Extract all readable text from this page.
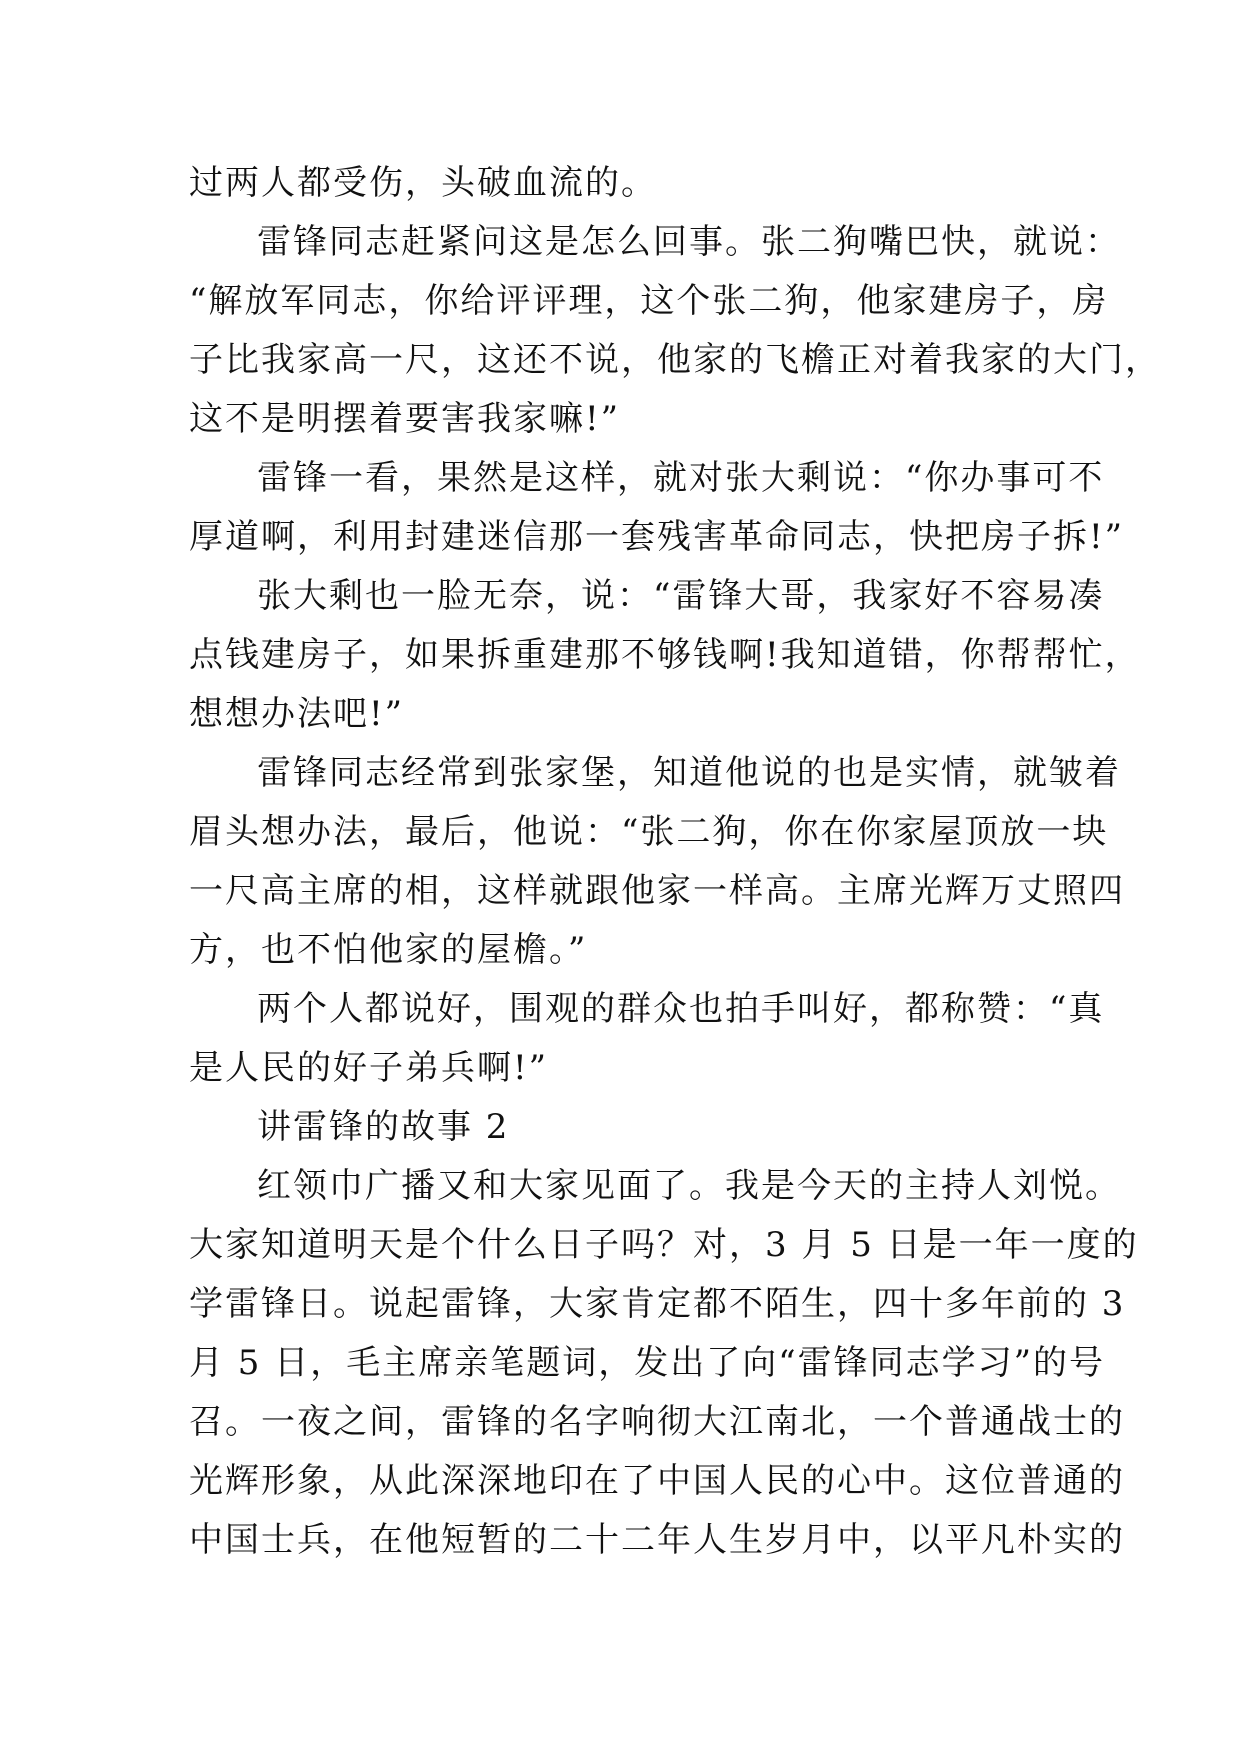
过两人都受伤，头破血流的。
雷锋同志赶紧问这是怎么回事。张二狗嘴巴快，就说：
“解放军同志，你给评评理，这个张二狗，他家建房子，房
子比我家高一尺，这还不说，他家的飞檐正对着我家的大门，
这不是明摆着要害我家嘛!”
雷锋一看，果然是这样，就对张大剩说：“你办事可不
厚道啊，利用封建迷信那一套残害革命同志，快把房子拆!”
张大剩也一脸无奈，说：“雷锋大哥，我家好不容易凑
点钱建房子，如果拆重建那不够钱啊!我知道错，你帮帮忙，
想想办法吧!”
雷锋同志经常到张家堡，知道他说的也是实情，就皱着
眉头想办法，最后，他说：“张二狗，你在你家屋顶放一块
一尺高主席的相，这样就跟他家一样高。主席光辉万丈照四
方，也不怕他家的屋檐。”
两个人都说好，围观的群众也拍手叫好，都称赞：“真
是人民的好子弟兵啊!”
讲雷锋的故事 2
红领巾广播又和大家见面了。我是今天的主持人刘悦。
大家知道明天是个什么日子吗？对，3 月 5 日是一年一度的
学雷锋日。说起雷锋，大家肯定都不陌生，四十多年前的 3
月 5 日，毛主席亲笔题词，发出了向“雷锋同志学习”的号
召。一夜之间，雷锋的名字响彻大江南北，一个普通战士的
光辉形象，从此深深地印在了中国人民的心中。这位普通的
中国士兵，在他短暂的二十二年人生岁月中，以平凡朴实的
